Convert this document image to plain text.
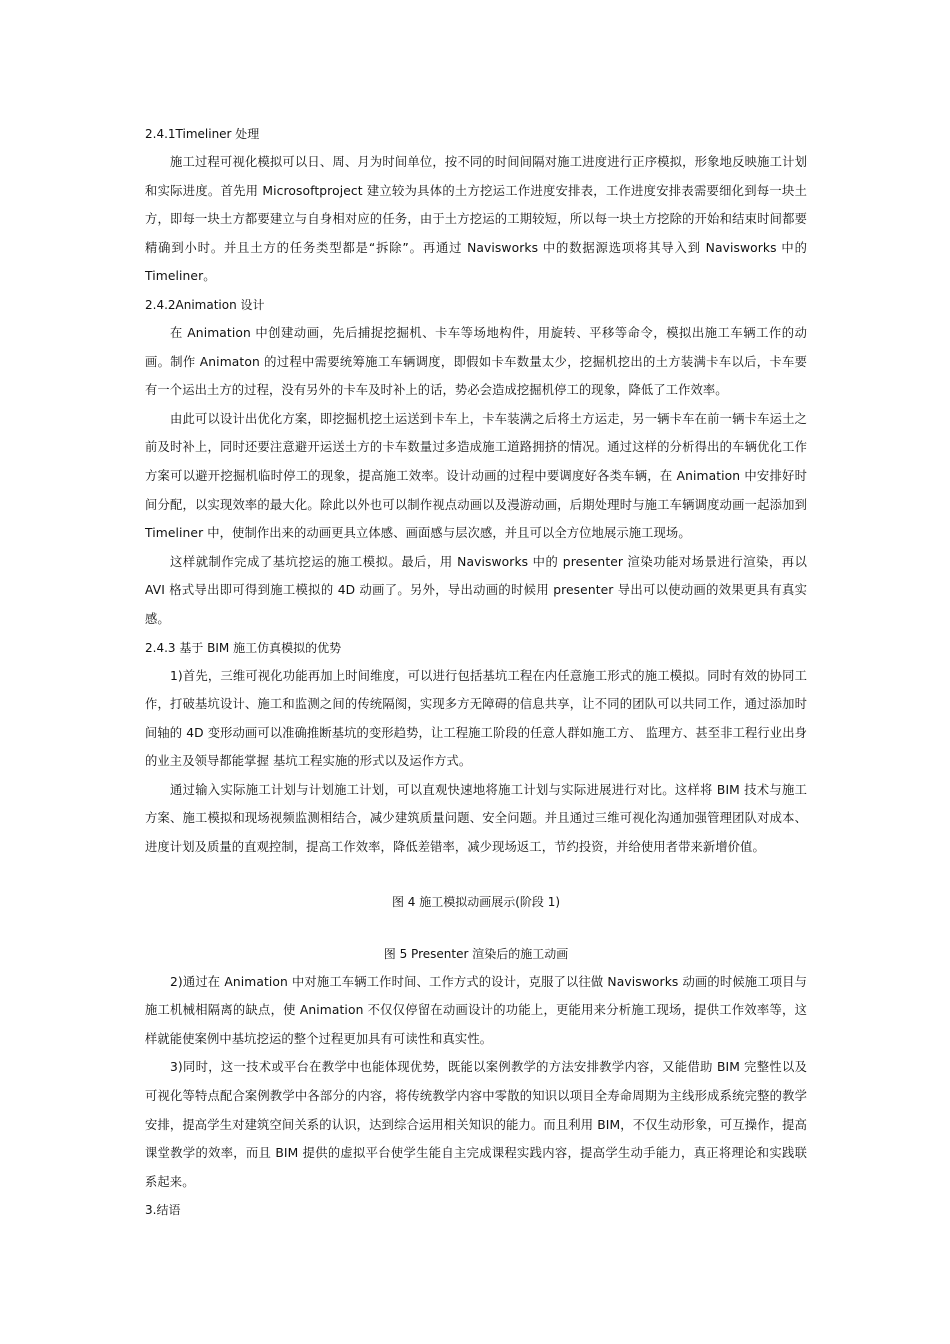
2.4.1Timeliner 处理

施工过程可视化模拟可以日、周、月为时间单位，按不同的时间间隔对施工进度进行正序模拟，形象地反映施工计划和实际进度。首先用 Microsoftproject 建立较为具体的土方挖运工作进度安排表，工作进度安排表需要细化到每一块土方，即每一块土方都要建立与自身相对应的任务，由于土方挖运的工期较短，所以每一块土方挖除的开始和结束时间都要精确到小时。并且土方的任务类型都是“拆除”。再通过 Navisworks 中的数据源选项将其导入到 Navisworks 中的 Timeliner。

2.4.2Animation 设计

在 Animation 中创建动画，先后捕捉挖掘机、卡车等场地构件，用旋转、平移等命令，模拟出施工车辆工作的动画。制作 Animaton 的过程中需要统筹施工车辆调度，即假如卡车数量太少，挖掘机挖出的土方装满卡车以后，卡车要有一个运出土方的过程，没有另外的卡车及时补上的话，势必会造成挖掘机停工的现象，降低了工作效率。

由此可以设计出优化方案，即挖掘机挖土运送到卡车上，卡车装满之后将土方运走，另一辆卡车在前一辆卡车运土之前及时补上，同时还要注意避开运送土方的卡车数量过多造成施工道路拥挤的情况。通过这样的分析得出的车辆优化工作方案可以避开挖掘机临时停工的现象，提高施工效率。设计动画的过程中要调度好各类车辆，在 Animation 中安排好时间分配，以实现效率的最大化。除此以外也可以制作视点动画以及漫游动画，后期处理时与施工车辆调度动画一起添加到 Timeliner 中，使制作出来的动画更具立体感、画面感与层次感，并且可以全方位地展示施工现场。

这样就制作完成了基坑挖运的施工模拟。最后，用 Navisworks 中的 presenter 渲染功能对场景进行渲染，再以 AVI 格式导出即可得到施工模拟的 4D 动画了。另外，导出动画的时候用 presenter 导出可以使动画的效果更具有真实感。

2.4.3 基于 BIM 施工仿真模拟的优势

1)首先，三维可视化功能再加上时间维度，可以进行包括基坑工程在内任意施工形式的施工模拟。同时有效的协同工作，打破基坑设计、施工和监测之间的传统隔阂，实现多方无障碍的信息共享，让不同的团队可以共同工作，通过添加时间轴的 4D 变形动画可以准确推断基坑的变形趋势，让工程施工阶段的任意人群如施工方、 监理方、甚至非工程行业出身的业主及领导都能掌握 基坑工程实施的形式以及运作方式。

通过输入实际施工计划与计划施工计划，可以直观快速地将施工计划与实际进展进行对比。这样将 BIM 技术与施工方案、施工模拟和现场视频监测相结合，减少建筑质量问题、安全问题。并且通过三维可视化沟通加强管理团队对成本、进度计划及质量的直观控制，提高工作效率，降低差错率，减少现场返工，节约投资，并给使用者带来新增价值。

图 4 施工模拟动画展示(阶段 1)

图 5 Presenter 渲染后的施工动画

2)通过在 Animation 中对施工车辆工作时间、工作方式的设计，克服了以往做 Navisworks 动画的时候施工项目与施工机械相隔离的缺点，使 Animation 不仅仅停留在动画设计的功能上，更能用来分析施工现场，提供工作效率等，这样就能使案例中基坑挖运的整个过程更加具有可读性和真实性。

3)同时，这一技术或平台在教学中也能体现优势，既能以案例教学的方法安排教学内容，又能借助 BIM 完整性以及可视化等特点配合案例教学中各部分的内容，将传统教学内容中零散的知识以项目全寿命周期为主线形成系统完整的教学安排，提高学生对建筑空间关系的认识，达到综合运用相关知识的能力。而且利用 BIM，不仅生动形象，可互操作，提高课堂教学的效率，而且 BIM 提供的虚拟平台使学生能自主完成课程实践内容，提高学生动手能力，真正将理论和实践联系起来。

3.结语
